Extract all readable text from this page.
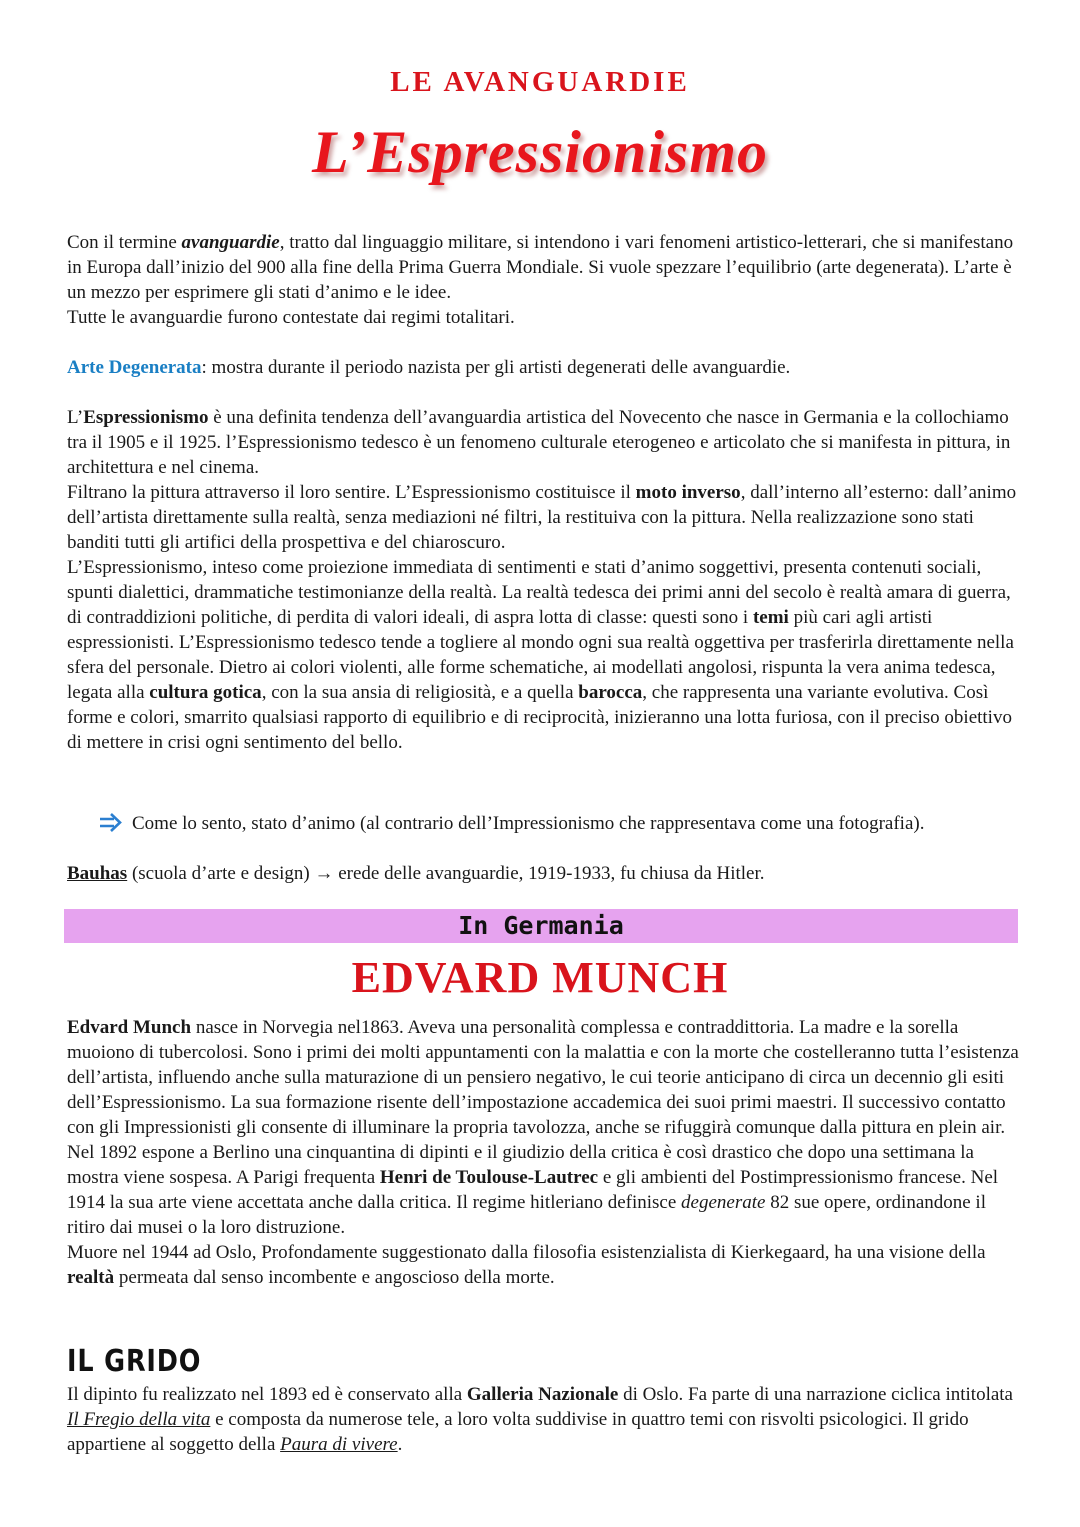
LE AVANGUARDIE
L’Espressionismo
Con il termine avanguardie, tratto dal linguaggio militare, si intendono i vari fenomeni artistico-letterari, che si manifestano in Europa dall’inizio del 900 alla fine della Prima Guerra Mondiale. Si vuole spezzare l’equilibrio (arte degenerata). L’arte è un mezzo per esprimere gli stati d’animo e le idee.
Tutte le avanguardie furono contestate dai regimi totalitari.
Arte Degenerata: mostra durante il periodo nazista per gli artisti degenerati delle avanguardie.
L’Espressionismo è una definita tendenza dell’avanguardia artistica del Novecento che nasce in Germania e la collochiamo tra il 1905 e il 1925. l’Espressionismo tedesco è un fenomeno culturale eterogeneo e articolato che si manifesta in pittura, in architettura e nel cinema.
Filtrano la pittura attraverso il loro sentire. L’Espressionismo costituisce il moto inverso, dall’interno all’esterno: dall’animo dell’artista direttamente sulla realtà, senza mediazioni né filtri, la restituiva con la pittura. Nella realizzazione sono stati banditi tutti gli artifici della prospettiva e del chiaroscuro.
L’Espressionismo, inteso come proiezione immediata di sentimenti e stati d’animo soggettivi, presenta contenuti sociali, spunti dialettici, drammatiche testimonianze della realtà. La realtà tedesca dei primi anni del secolo è realtà amara di guerra, di contraddizioni politiche, di perdita di valori ideali, di aspra lotta di classe: questi sono i temi più cari agli artisti espressionisti. L’Espressionismo tedesco tende a togliere al mondo ogni sua realtà oggettiva per trasferirla direttamente nella sfera del personale. Dietro ai colori violenti, alle forme schematiche, ai modellati angolosi, rispunta la vera anima tedesca, legata alla cultura gotica, con la sua ansia di religiosità, e a quella barocca, che rappresenta una variante evolutiva. Così forme e colori, smarrito qualsiasi rapporto di equilibrio e di reciprocità, inizieranno una lotta furiosa, con il preciso obiettivo di mettere in crisi ogni sentimento del bello.
Come lo sento, stato d’animo (al contrario dell’Impressionismo che rappresentava come una fotografia).
Bauhas (scuola d’arte e design) → erede delle avanguardie, 1919-1933, fu chiusa da Hitler.
In Germania
EDVARD MUNCH
Edvard Munch nasce in Norvegia nel1863. Aveva una personalità complessa e contraddittoria. La madre e la sorella muoiono di tubercolosi. Sono i primi dei molti appuntamenti con la malattia e con la morte che costelleranno tutta l’esistenza dell’artista, influendo anche sulla maturazione di un pensiero negativo, le cui teorie anticipano di circa un decennio gli esiti dell’Espressionismo. La sua formazione risente dell’impostazione accademica dei suoi primi maestri. Il successivo contatto con gli Impressionisti gli consente di illuminare la propria tavolozza, anche se rifuggirà comunque dalla pittura en plein air. Nel 1892 espone a Berlino una cinquantina di dipinti e il giudizio della critica è così drastico che dopo una settimana la mostra viene sospesa. A Parigi frequenta Henri de Toulouse-Lautrec e gli ambienti del Postimpressionismo francese. Nel 1914 la sua arte viene accettata anche dalla critica. Il regime hitleriano definisce degenerate 82 sue opere, ordinandone il ritiro dai musei o la loro distruzione.
Muore nel 1944 ad Oslo, Profondamente suggestionato dalla filosofia esistenzialista di Kierkegaard, ha una visione della realtà permeata dal senso incombente e angoscioso della morte.
IL GRIDO
Il dipinto fu realizzato nel 1893 ed è conservato alla Galleria Nazionale di Oslo. Fa parte di una narrazione ciclica intitolata Il Fregio della vita e composta da numerose tele, a loro volta suddivise in quattro temi con risvolti psicologici. Il grido appartiene al soggetto della Paura di vivere.
